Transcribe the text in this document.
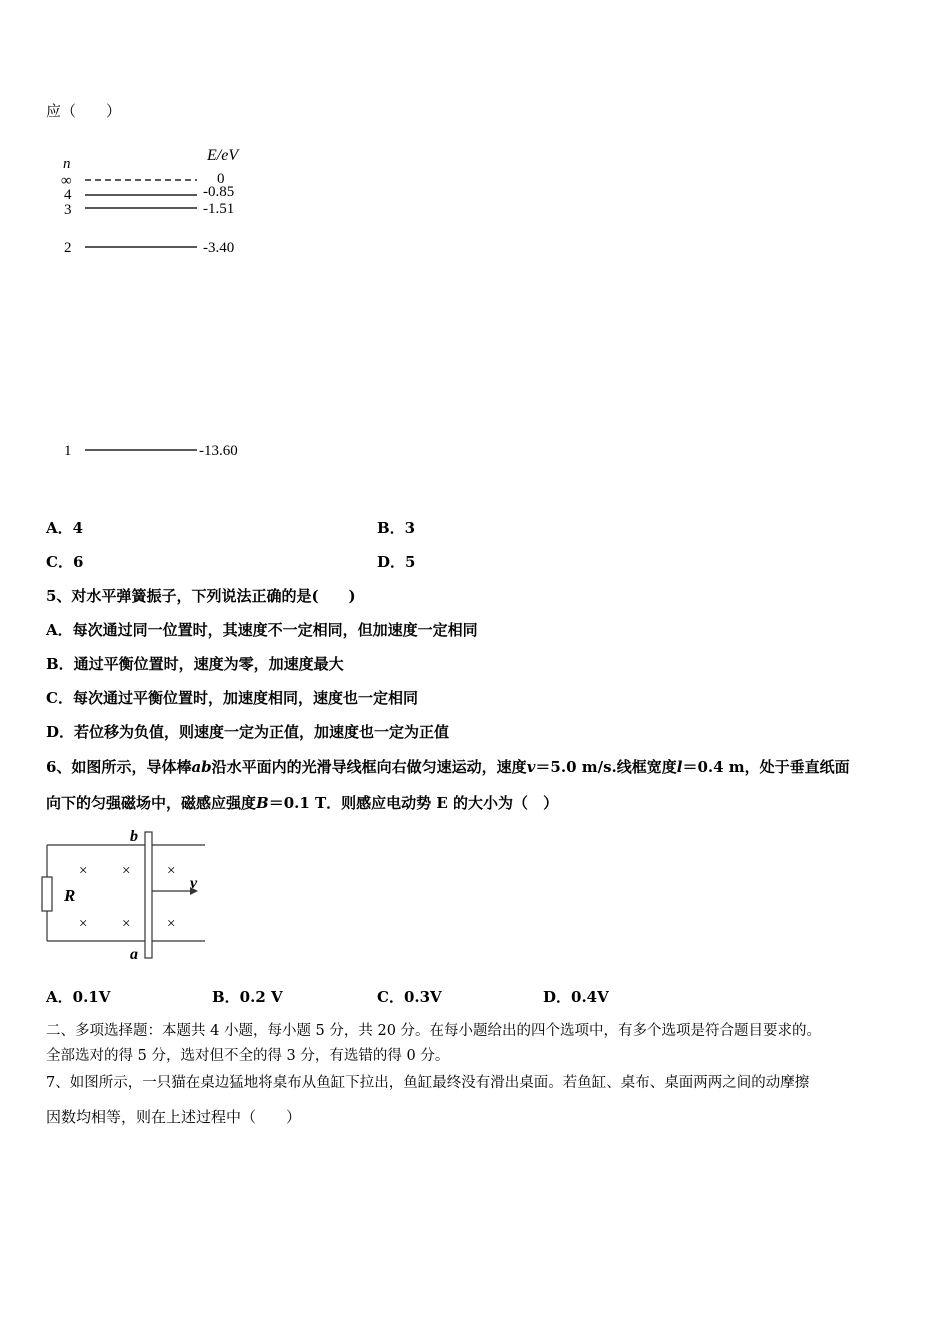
应（　　）
n	E/eV
∞	0
4	-0.85
3	-1.51
2	-3.40
1	-13.60
A．4	B．3
C．6	D．5
5、对水平弹簧振子，下列说法正确的是(　　)
A．每次通过同一位置时，其速度不一定相同，但加速度一定相同
B．通过平衡位置时，速度为零，加速度最大
C．每次通过平衡位置时，加速度相同，速度也一定相同
D．若位移为负值，则速度一定为正值，加速度也一定为正值
6、如图所示，导体棒ab沿水平面内的光滑导线框向右做匀速运动，速度v＝5.0 m/s.线框宽度l＝0.4 m，处于垂直纸面
向下的匀强磁场中，磁感应强度B＝0.1 T．则感应电动势 E 的大小为（　）
R
b
a
× × ×
× × ×
v
A．0.1V	B．0.2 V	C．0.3V	D．0.4V
二、多项选择题：本题共 4 小题，每小题 5 分，共 20 分。在每小题给出的四个选项中，有多个选项是符合题目要求的。
全部选对的得 5 分，选对但不全的得 3 分，有选错的得 0 分。
7、如图所示，一只猫在桌边猛地将桌布从鱼缸下拉出，鱼缸最终没有滑出桌面。若鱼缸、桌布、桌面两两之间的动摩擦
因数均相等，则在上述过程中（　　）
